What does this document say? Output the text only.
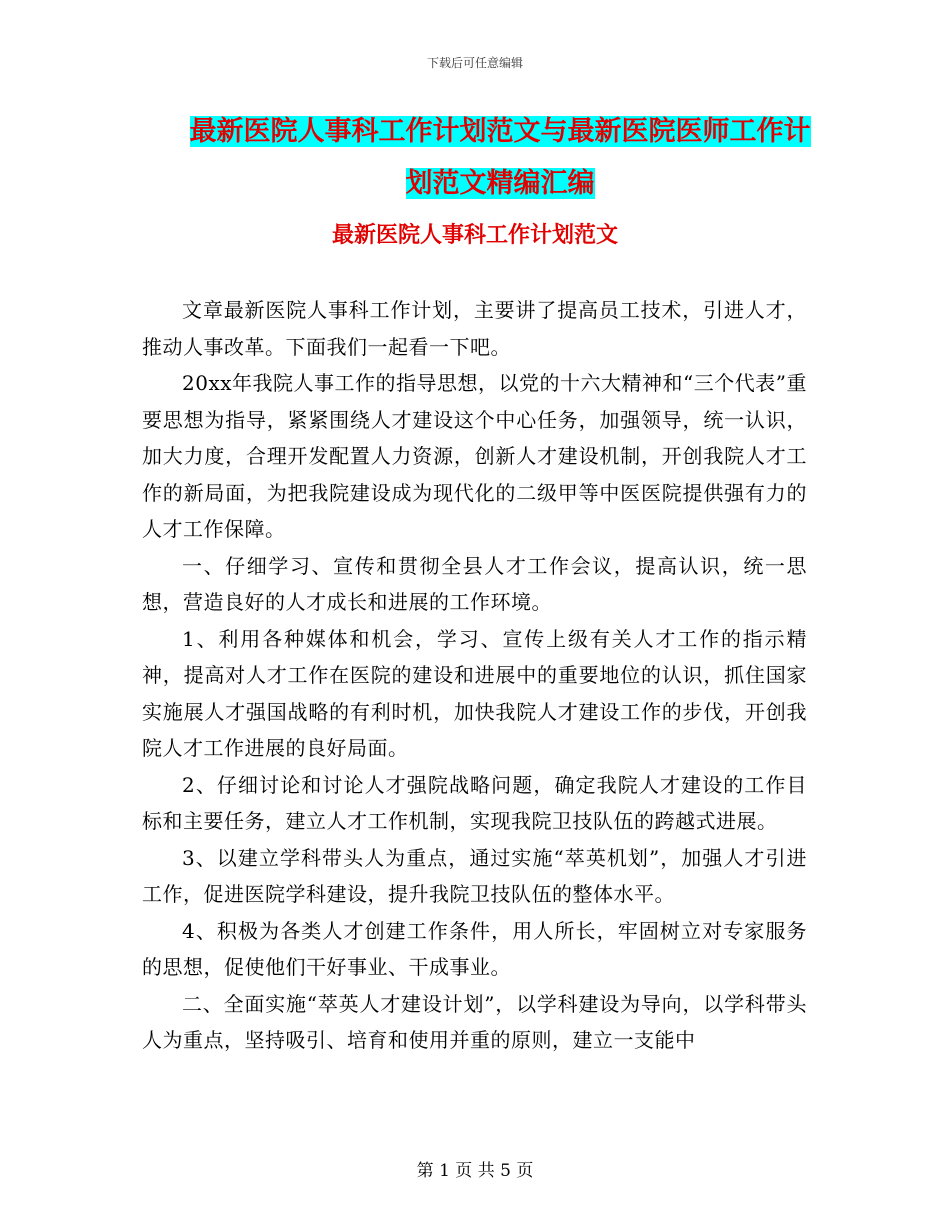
下载后可任意编辑
最新医院人事科工作计划范文与最新医院医师工作计
划范文精编汇编
最新医院人事科工作计划范文

文章最新医院人事科工作计划，主要讲了提高员工技术，引进人才，推动人事改革。下面我们一起看一下吧。

20xx年我院人事工作的指导思想，以党的十六大精神和“三个代表”重要思想为指导，紧紧围绕人才建设这个中心任务，加强领导，统一认识，加大力度，合理开发配置人力资源，创新人才建设机制，开创我院人才工作的新局面，为把我院建设成为现代化的二级甲等中医医院提供强有力的人才工作保障。

一、仔细学习、宣传和贯彻全县人才工作会议，提高认识，统一思想，营造良好的人才成长和进展的工作环境。

1、利用各种媒体和机会，学习、宣传上级有关人才工作的指示精神，提高对人才工作在医院的建设和进展中的重要地位的认识，抓住国家实施展人才强国战略的有利时机，加快我院人才建设工作的步伐，开创我院人才工作进展的良好局面。

2、仔细讨论和讨论人才强院战略问题，确定我院人才建设的工作目标和主要任务，建立人才工作机制，实现我院卫技队伍的跨越式进展。

3、以建立学科带头人为重点，通过实施“萃英机划”，加强人才引进工作，促进医院学科建设，提升我院卫技队伍的整体水平。

4、积极为各类人才创建工作条件，用人所长，牢固树立对专家服务的思想，促使他们干好事业、干成事业。

二、全面实施“萃英人才建设计划”，以学科建设为导向，以学科带头人为重点，坚持吸引、培育和使用并重的原则，建立一支能中

第 1 页 共 5 页
